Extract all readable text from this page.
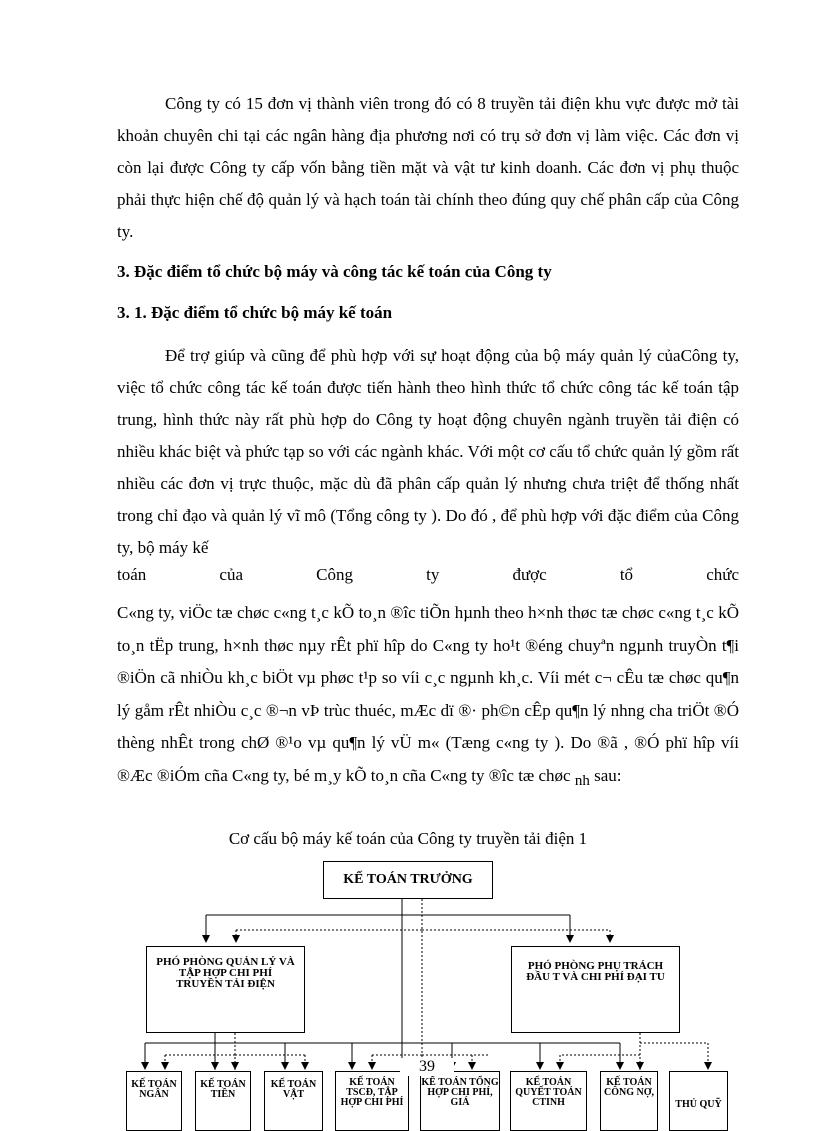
Công ty có 15 đơn vị thành viên trong đó có 8 truyền tải điện khu vực được mở tài khoản chuyên chi tại các ngân hàng địa phương nơi có trụ sở đơn vị làm việc. Các đơn vị còn lại được Công ty cấp vốn bằng tiền mặt và vật tư kinh doanh. Các đơn vị phụ thuộc phải thực hiện chế độ quản lý và hạch toán tài chính theo đúng quy chế phân cấp của Công ty.
3. Đặc điểm tổ chức bộ máy và công tác kế toán của Công ty
3. 1. Đặc điểm tổ chức bộ máy kế toán
Để trợ giúp và cũng để phù hợp với sự hoạt động của bộ máy quản lý củaCông ty, việc tổ chức công tác kế toán được tiến hành theo hình thức tổ chức công tác kế toán tập trung, hình thức này rất phù hợp do Công ty hoạt động chuyên ngành truyền tải điện có nhiều khác biệt và phức tạp so với các ngành khác. Với một cơ cấu tổ chức quản lý gồm rất nhiều các đơn vị trực thuộc, mặc dù đã phân cấp quản lý nhưng chưa triệt để thống nhất trong chỉ đạo và quản lý vĩ mô (Tổng công ty ). Do đó , để phù hợp với đặc điểm của Công ty, bộ máy kế
toán	của	Công	ty	được	tổ	chức
C«ng ty, viÖc tæ chøc c«ng t¸c kÕ to¸n ®îc tiÕn hµnh theo h×nh thøc tæ chøc c«ng t¸c kÕ to¸n tËp trung, h×nh thøc nµy rÊt phï hîp do C«ng ty ho¹t ®éng chuyªn ngµnh truyÒn t¶i ®iÖn cã nhiÒu kh¸c biÖt vµ phøc t¹p so víi c¸c ngµnh kh¸c. Víi mét c¬ cÊu tæ chøc qu¶n lý gåm rÊt nhiÒu c¸c ®¬n vÞ trùc thuéc, mÆc dï ®· ph©n cÊp qu¶n lý nhng cha triÖt ®Ó thèng nhÊt trong chØ ®¹o vµ qu¶n lý vÜ m« (Tæng c«ng ty ). Do ®ã , ®Ó phï hîp víi ®Æc ®iÓm cña C«ng ty, bé m¸y kÕ to¸n cña C«ng ty ®îc tæ chøc nh sau:
Cơ cấu bộ máy kế toán của Công ty truyền tải điện 1
KẾ TOÁN TRƯỞNG
PHÓ PHÒNG QUẢN LÝ VÀ TẬP HỢP CHI PHÍ TRUYỀN TẢI ĐIỆN
PHÓ PHÒNG PHỤ TRÁCH ĐẦU T VÀ CHI PHÍ ĐẠI TU
KẾ TOÁN NGÂN
KẾ TOÁN TIỀN
KẾ TOÁN VẬT
KẾ TOÁN TSCĐ, TẬP HỢP CHI PHÍ
KẾ TOÁN TỔNG HỢP CHI PHÍ, GIÁ
KẾ TOÁN QUYẾT TOÁN CTINH
KẾ TOÁN CÔNG NỢ,
THỦ QUỸ
39
